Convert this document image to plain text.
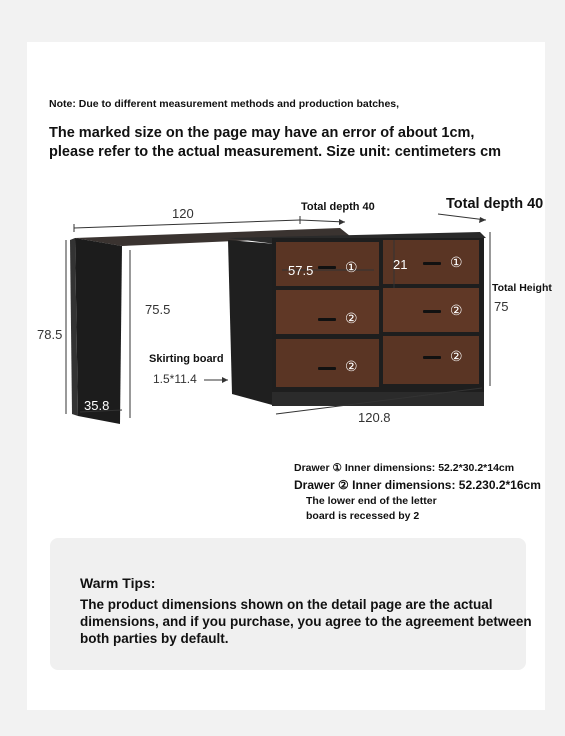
Note: Due to different measurement methods and production batches,
The marked size on the page may have an error of about 1cm,
please refer to the actual measurement. Size unit: centimeters cm
120	Total depth 40	Total depth 40
78.5
75.5
Skirting board
1.5*11.4
35.8
57.5 ①	①
21
②	②
②
②
Total Height
75
120.8
Drawer ① Inner dimensions: 52.2*30.2*14cm
Drawer ② Inner dimensions: 52.230.2*16cm
The lower end of the letter
board is recessed by 2
Warm Tips:
The product dimensions shown on the detail page are the actual dimensions, and if you purchase, you agree to the agreement between both parties by default.
